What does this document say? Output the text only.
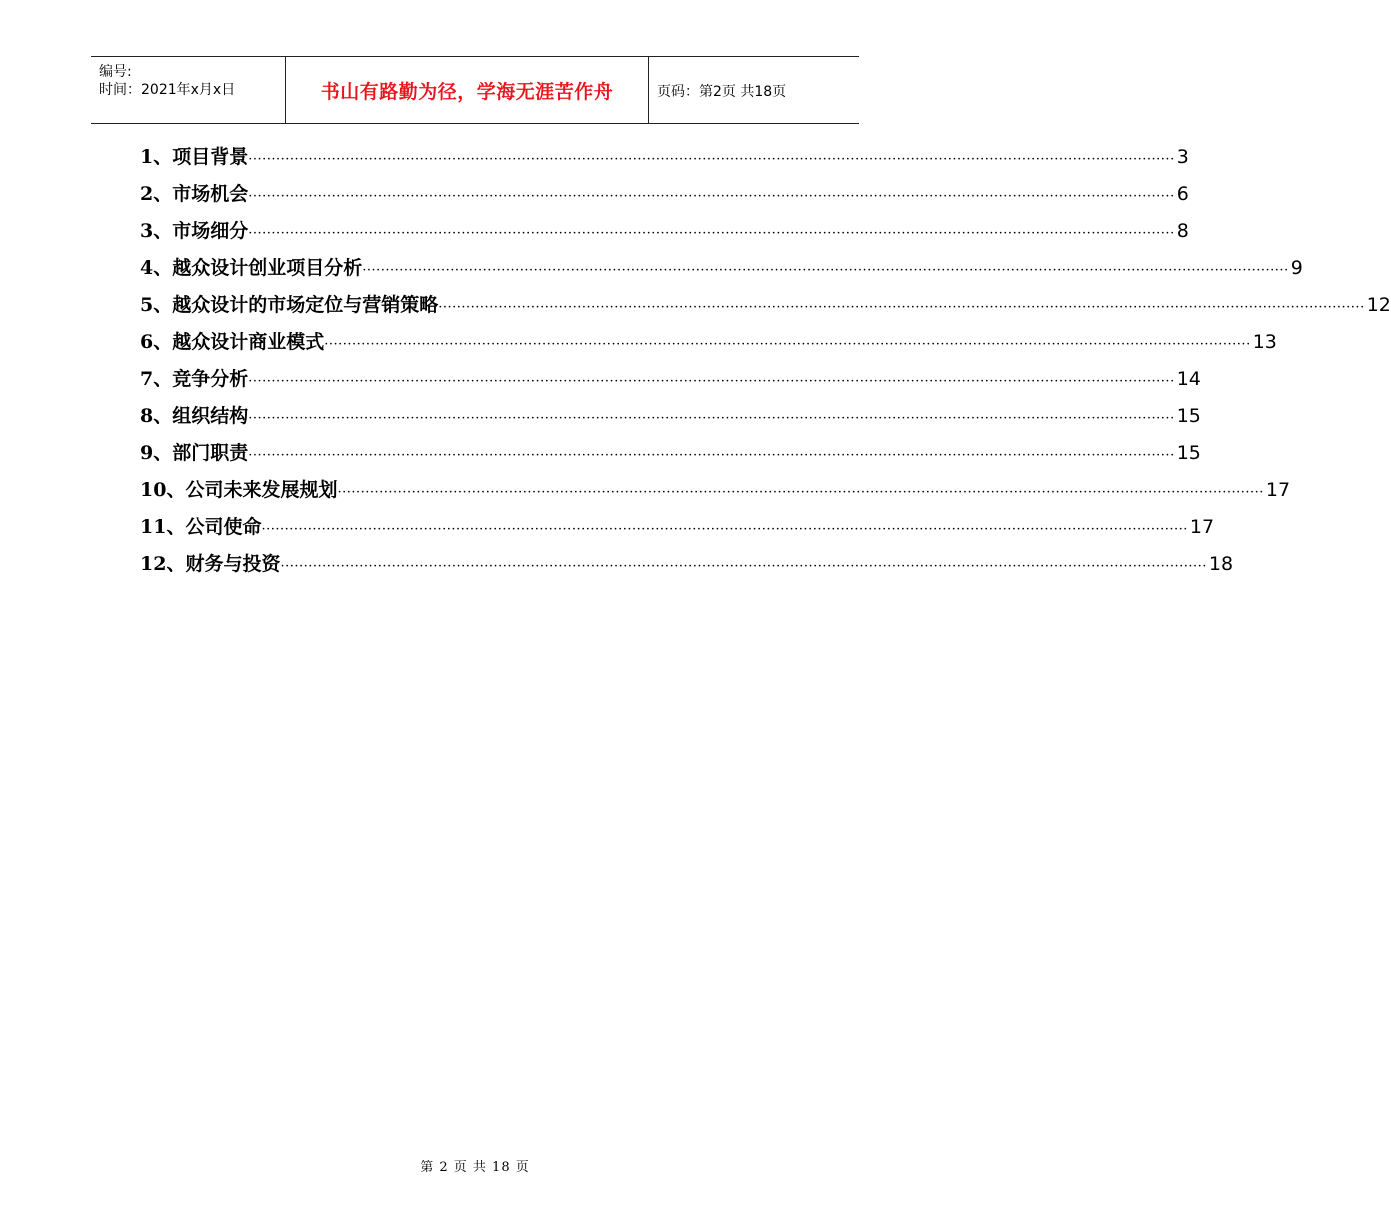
编号:
时间：2021年x月x日	书山有路勤为径，学海无涯苦作舟	页码：第2页 共18页
1、项目背景 ········································································································································································································ 3
2、市场机会 ········································································································································································································ 6
3、市场细分 ········································································································································································································ 8
4、越众设计创业项目分析 ········································································································································································································ 9
5、越众设计的市场定位与营销策略 ········································································································································································································ 12
6、越众设计商业模式 ········································································································································································································ 13
7、竞争分析 ········································································································································································································ 14
8、组织结构 ········································································································································································································ 15
9、部门职责 ········································································································································································································ 15
10、公司未来发展规划 ········································································································································································································ 17
11、公司使命 ········································································································································································································ 17
12、财务与投资 ········································································································································································································ 18
第 2 页 共 18 页
